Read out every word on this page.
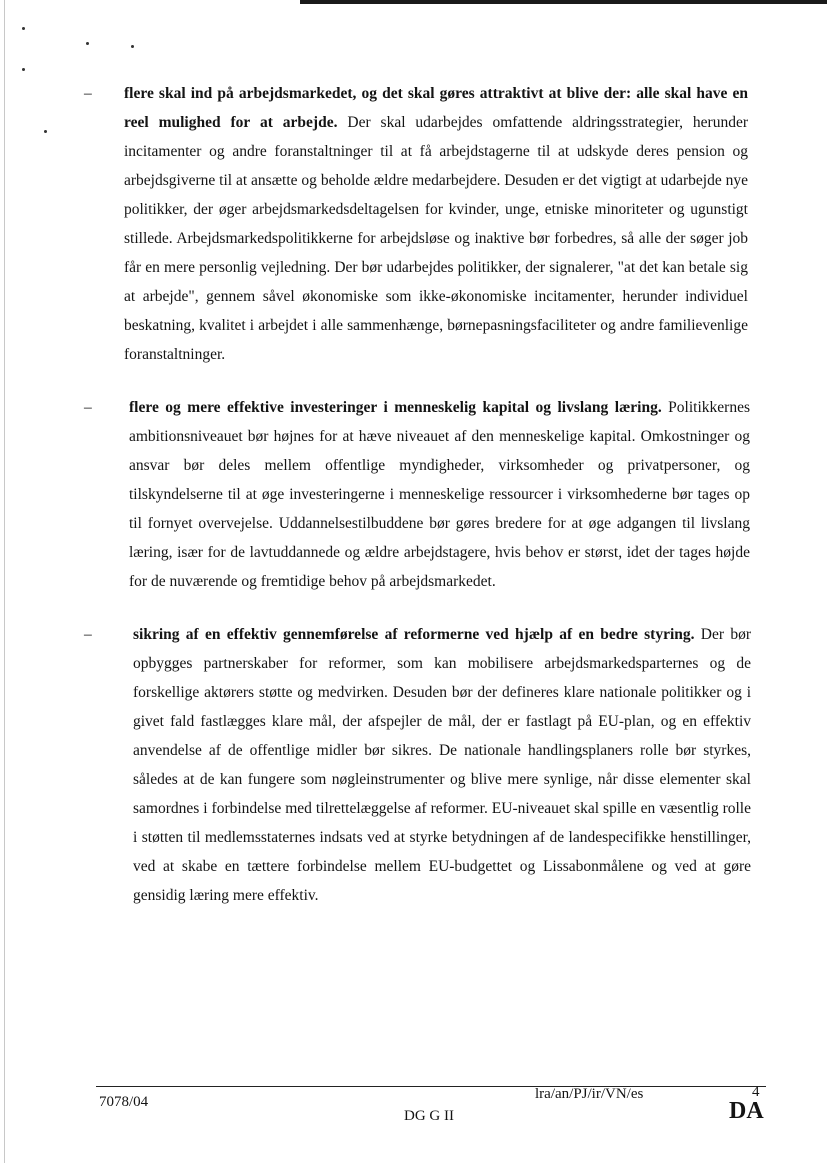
–	flere skal ind på arbejdsmarkedet, og det skal gøres attraktivt at blive der: alle skal have en reel mulighed for at arbejde. Der skal udarbejdes omfattende aldringsstrategier, herunder incitamenter og andre foranstaltninger til at få arbejdstagerne til at udskyde deres pension og arbejdsgiverne til at ansætte og beholde ældre medarbejdere. Desuden er det vigtigt at udarbejde nye politikker, der øger arbejdsmarkedsdeltagelsen for kvinder, unge, etniske minoriteter og ugunstigt stillede. Arbejdsmarkedspolitikkerne for arbejdsløse og inaktive bør forbedres, så alle der søger job får en mere personlig vejledning. Der bør udarbejdes politikker, der signalerer, "at det kan betale sig at arbejde", gennem såvel økonomiske som ikke-økonomiske incitamenter, herunder individuel beskatning, kvalitet i arbejdet i alle sammenhænge, børnepasningsfaciliteter og andre familievenlige foranstaltninger.
–	flere og mere effektive investeringer i menneskelig kapital og livslang læring. Politikkernes ambitionsniveauet bør højnes for at hæve niveauet af den menneskelige kapital. Omkostninger og ansvar bør deles mellem offentlige myndigheder, virksomheder og privatpersoner, og tilskyndelserne til at øge investeringerne i menneskelige ressourcer i virksomhederne bør tages op til fornyet overvejelse. Uddannelsestilbuddene bør gøres bredere for at øge adgangen til livslang læring, især for de lavtuddannede og ældre arbejdstagere, hvis behov er størst, idet der tages højde for de nuværende og fremtidige behov på arbejdsmarkedet.
–	sikring af en effektiv gennemførelse af reformerne ved hjælp af en bedre styring. Der bør opbygges partnerskaber for reformer, som kan mobilisere arbejdsmarkedsparternes og de forskellige aktørers støtte og medvirken. Desuden bør der defineres klare nationale politikker og i givet fald fastlægges klare mål, der afspejler de mål, der er fastlagt på EU-plan, og en effektiv anvendelse af de offentlige midler bør sikres. De nationale handlingsplaners rolle bør styrkes, således at de kan fungere som nøgleinstrumenter og blive mere synlige, når disse elementer skal samordnes i forbindelse med tilrettelæggelse af reformer. EU-niveauet skal spille en væsentlig rolle i støtten til medlemsstaternes indsats ved at styrke betydningen af de landespecifikke henstillinger, ved at skabe en tættere forbindelse mellem EU-budgettet og Lissabonmålene og ved at gøre gensidig læring mere effektiv.
7078/04
DG G II
lra/an/PJ/ir/VN/es	4
DA
